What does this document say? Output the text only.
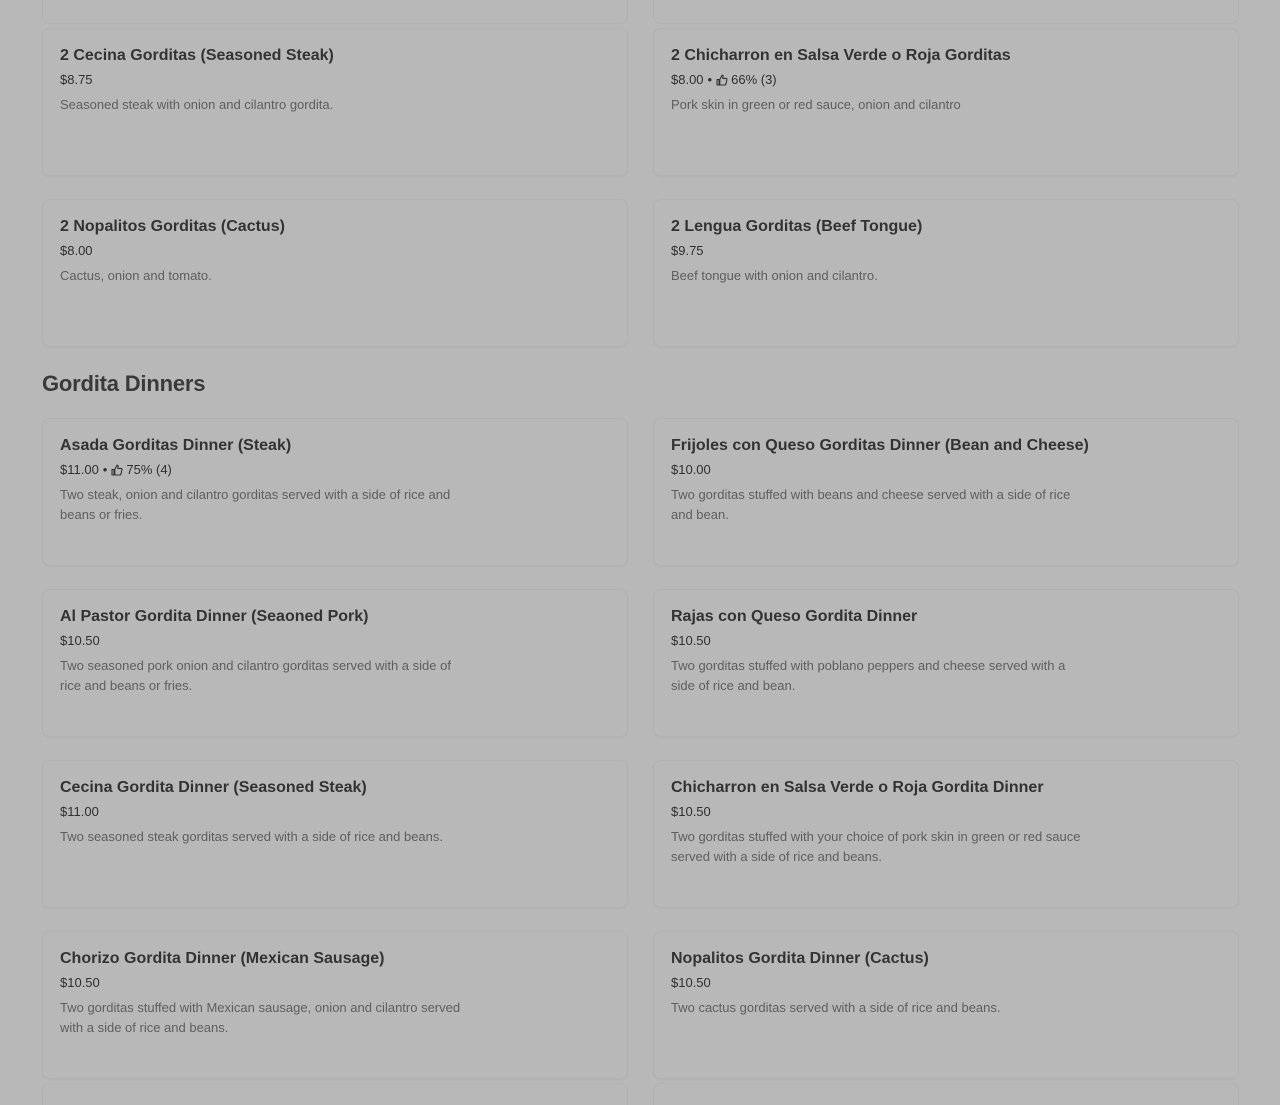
2 Cecina Gorditas (Seasoned Steak)
$8.75
Seasoned steak with onion and cilantro gordita.
2 Chicharron en Salsa Verde o Roja Gorditas
$8.00 • 66% (3)
Pork skin in green or red sauce, onion and cilantro
2 Nopalitos Gorditas (Cactus)
$8.00
Cactus, onion and tomato.
2 Lengua Gorditas (Beef Tongue)
$9.75
Beef tongue with onion and cilantro.
Gordita Dinners
Asada Gorditas Dinner (Steak)
$11.00 • 75% (4)
Two steak, onion and cilantro gorditas served with a side of rice and beans or fries.
Frijoles con Queso Gorditas Dinner (Bean and Cheese)
$10.00
Two gorditas stuffed with beans and cheese served with a side of rice and bean.
Al Pastor Gordita Dinner (Seaoned Pork)
$10.50
Two seasoned pork onion and cilantro gorditas served with a side of rice and beans or fries.
Rajas con Queso Gordita Dinner
$10.50
Two gorditas stuffed with poblano peppers and cheese served with a side of rice and bean.
Cecina Gordita Dinner (Seasoned Steak)
$11.00
Two seasoned steak gorditas served with a side of rice and beans.
Chicharron en Salsa Verde o Roja Gordita Dinner
$10.50
Two gorditas stuffed with your choice of pork skin in green or red sauce served with a side of rice and beans.
Chorizo Gordita Dinner (Mexican Sausage)
$10.50
Two gorditas stuffed with Mexican sausage, onion and cilantro served with a side of rice and beans.
Nopalitos Gordita Dinner (Cactus)
$10.50
Two cactus gorditas served with a side of rice and beans.
